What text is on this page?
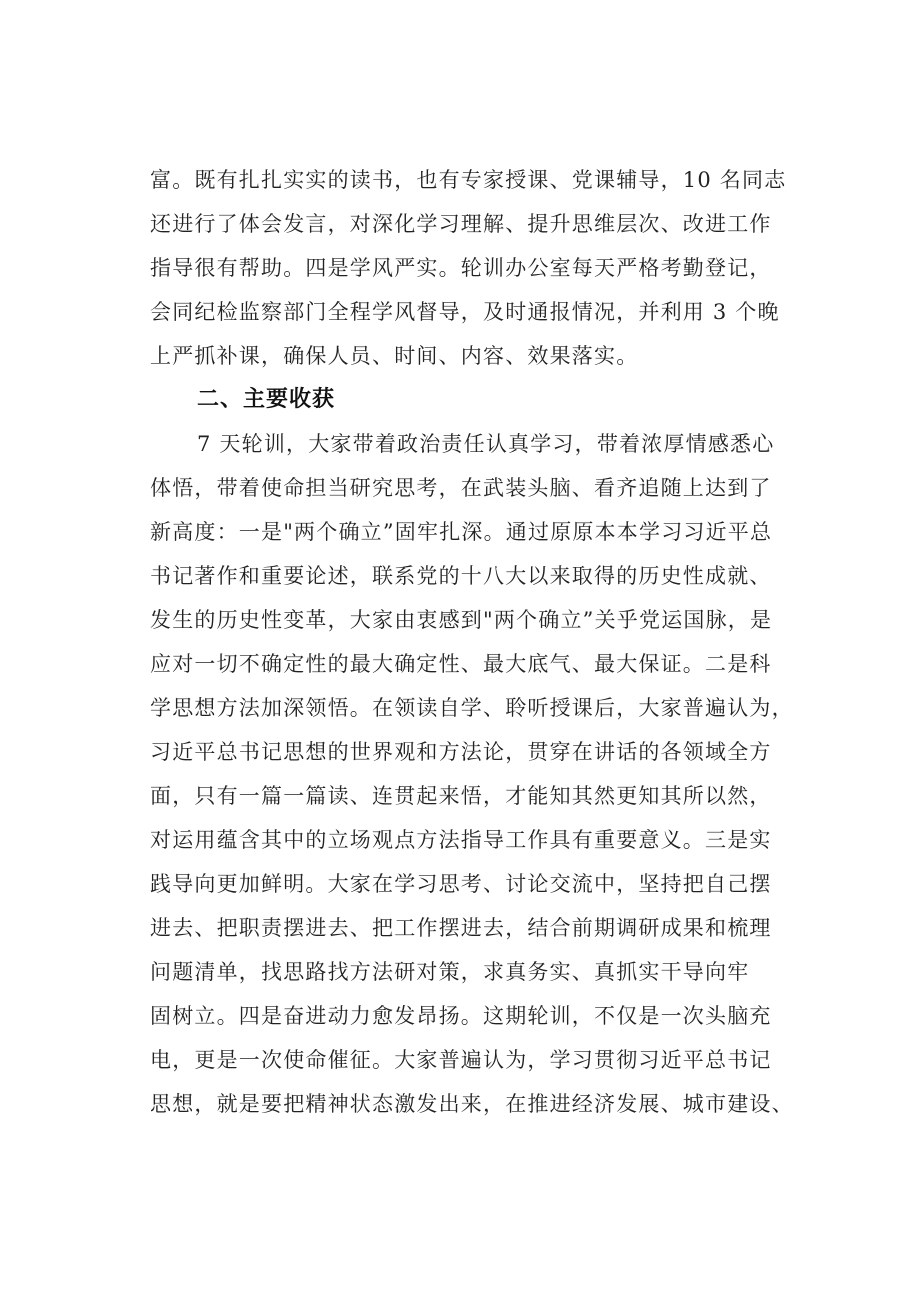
富。既有扎扎实实的读书，也有专家授课、党课辅导，10 名同志
还进行了体会发言，对深化学习理解、提升思维层次、改进工作
指导很有帮助。四是学风严实。轮训办公室每天严格考勤登记，
会同纪检监察部门全程学风督导，及时通报情况，并利用 3 个晚
上严抓补课，确保人员、时间、内容、效果落实。
二、主要收获
7 天轮训，大家带着政治责任认真学习，带着浓厚情感悉心
体悟，带着使命担当研究思考，在武装头脑、看齐追随上达到了
新高度：一是"两个确立”固牢扎深。通过原原本本学习习近平总
书记著作和重要论述，联系党的十八大以来取得的历史性成就、
发生的历史性变革，大家由衷感到"两个确立”关乎党运国脉，是
应对一切不确定性的最大确定性、最大底气、最大保证。二是科
学思想方法加深领悟。在领读自学、聆听授课后，大家普遍认为，
习近平总书记思想的世界观和方法论，贯穿在讲话的各领域全方
面，只有一篇一篇读、连贯起来悟，才能知其然更知其所以然，
对运用蕴含其中的立场观点方法指导工作具有重要意义。三是实
践导向更加鲜明。大家在学习思考、讨论交流中，坚持把自己摆
进去、把职责摆进去、把工作摆进去，结合前期调研成果和梳理
问题清单，找思路找方法研对策，求真务实、真抓实干导向牢
固树立。四是奋进动力愈发昂扬。这期轮训，不仅是一次头脑充
电，更是一次使命催征。大家普遍认为，学习贯彻习近平总书记
思想，就是要把精神状态激发出来，在推进经济发展、城市建设、
